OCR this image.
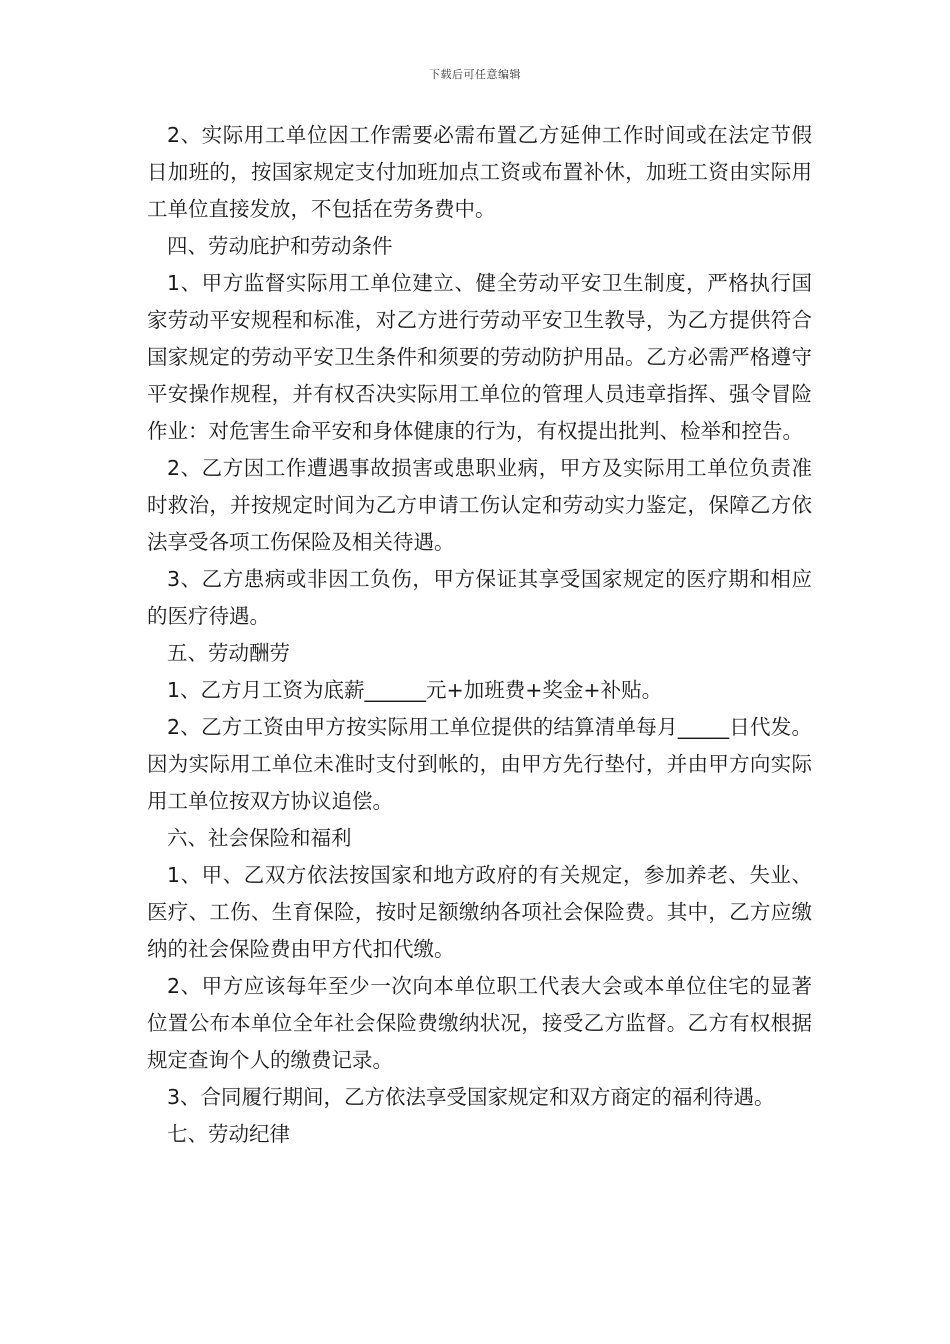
下载后可任意编辑

2、实际用工单位因工作需要必需布置乙方延伸工作时间或在法定节假日加班的，按国家规定支付加班加点工资或布置补休，加班工资由实际用工单位直接发放，不包括在劳务费中。

四、劳动庇护和劳动条件

1、甲方监督实际用工单位建立、健全劳动平安卫生制度，严格执行国家劳动平安规程和标准，对乙方进行劳动平安卫生教导，为乙方提供符合国家规定的劳动平安卫生条件和须要的劳动防护用品。乙方必需严格遵守平安操作规程，并有权否决实际用工单位的管理人员违章指挥、强令冒险作业：对危害生命平安和身体健康的行为，有权提出批判、检举和控告。

2、乙方因工作遭遇事故损害或患职业病，甲方及实际用工单位负责准时救治，并按规定时间为乙方申请工伤认定和劳动实力鉴定，保障乙方依法享受各项工伤保险及相关待遇。

3、乙方患病或非因工负伤，甲方保证其享受国家规定的医疗期和相应的医疗待遇。

五、劳动酬劳

1、乙方月工资为底薪______元+加班费+奖金+补贴。

2、乙方工资由甲方按实际用工单位提供的结算清单每月_____日代发。因为实际用工单位未准时支付到帐的，由甲方先行垫付，并由甲方向实际用工单位按双方协议追偿。

六、社会保险和福利

1、甲、乙双方依法按国家和地方政府的有关规定，参加养老、失业、医疗、工伤、生育保险，按时足额缴纳各项社会保险费。其中，乙方应缴纳的社会保险费由甲方代扣代缴。

2、甲方应该每年至少一次向本单位职工代表大会或本单位住宅的显著位置公布本单位全年社会保险费缴纳状况，接受乙方监督。乙方有权根据规定查询个人的缴费记录。

3、合同履行期间，乙方依法享受国家规定和双方商定的福利待遇。

七、劳动纪律
